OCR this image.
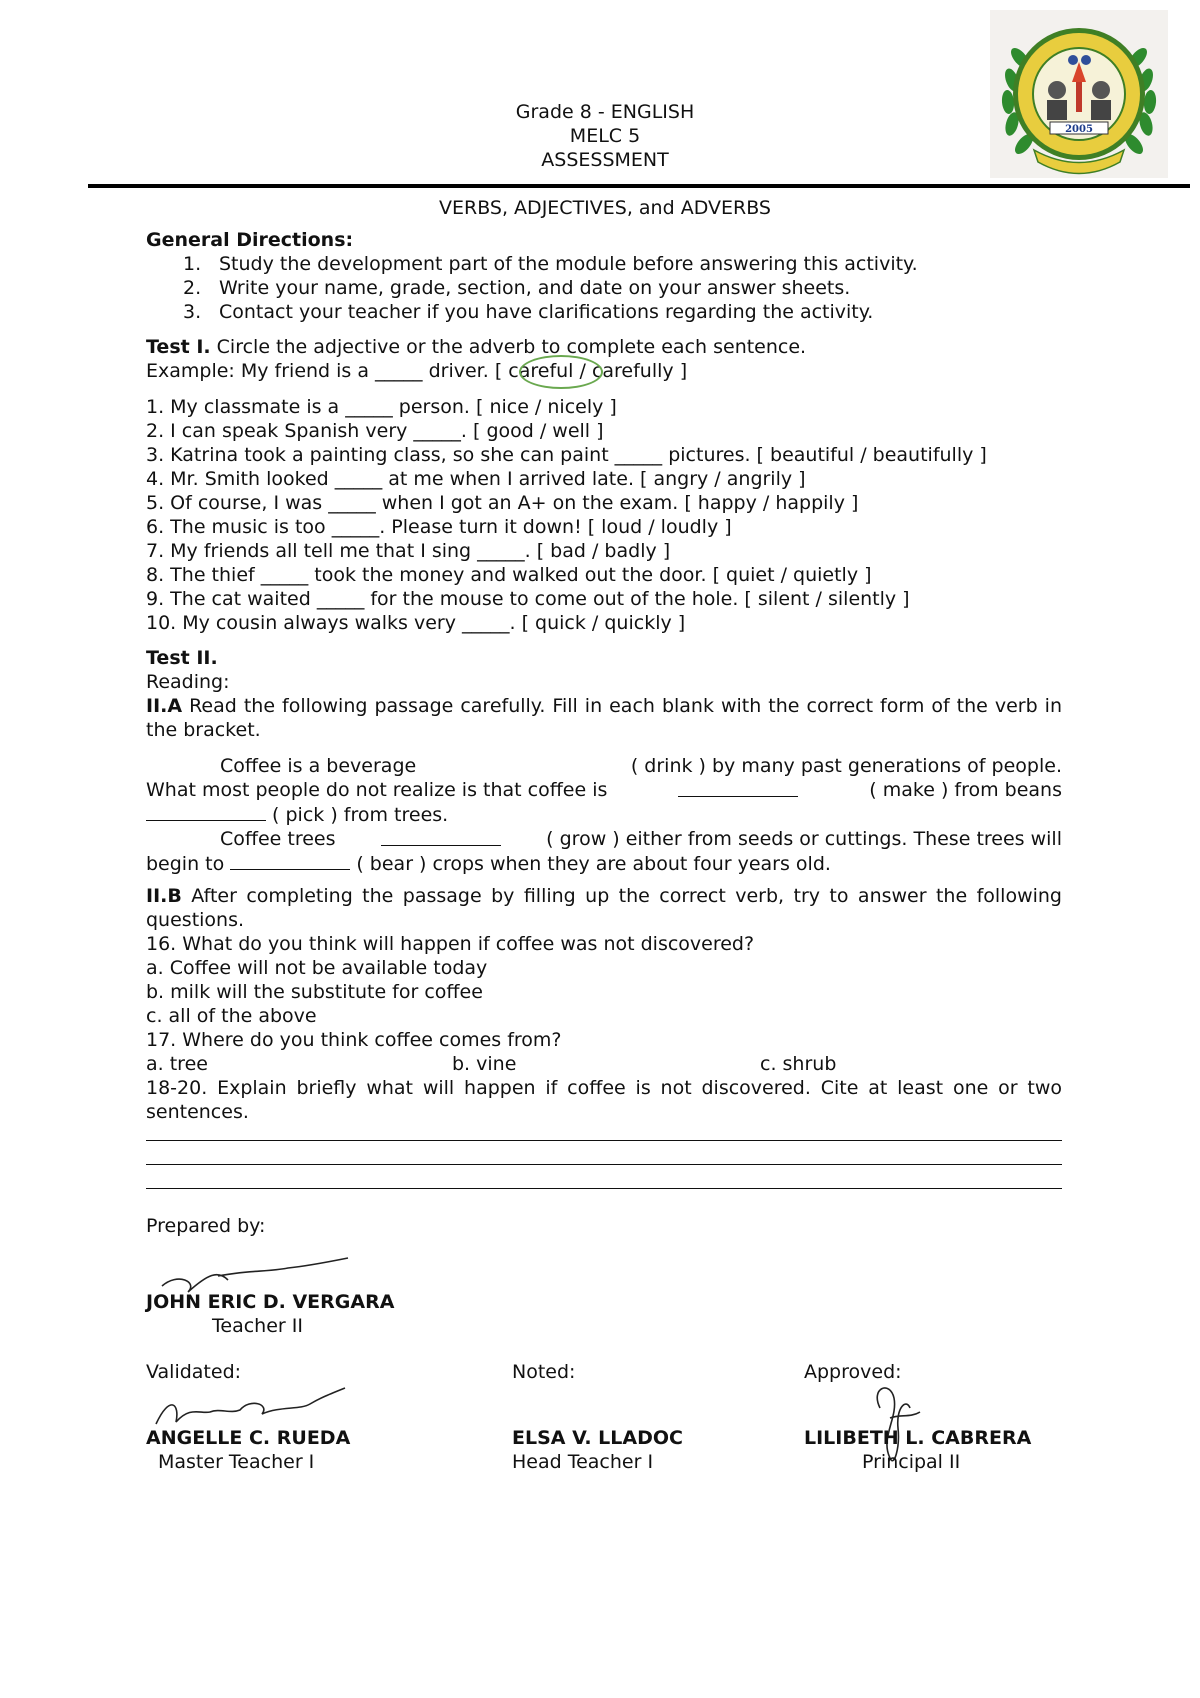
2005
Grade 8 - ENGLISH
MELC 5
ASSESSMENT
VERBS, ADJECTIVES, and ADVERBS
General Directions:
1. Study the development part of the module before answering this activity.
2. Write your name, grade, section, and date on your answer sheets.
3. Contact your teacher if you have clarifications regarding the activity.
Test I. Circle the adjective or the adverb to complete each sentence.
Example: My friend is a _____ driver. [ careful / carefully ]
1. My classmate is a _____ person. [ nice / nicely ]
2. I can speak Spanish very _____. [ good / well ]
3. Katrina took a painting class, so she can paint _____ pictures. [ beautiful / beautifully ]
4. Mr. Smith looked _____ at me when I arrived late. [ angry / angrily ]
5. Of course, I was _____ when I got an A+ on the exam. [ happy / happily ]
6. The music is too _____. Please turn it down! [ loud / loudly ]
7. My friends all tell me that I sing _____. [ bad / badly ]
8. The thief _____ took the money and walked out the door. [ quiet / quietly ]
9. The cat waited _____ for the mouse to come out of the hole. [ silent / silently ]
10. My cousin always walks very _____. [ quick / quickly ]
Test II.
Reading:
II.A Read the following passage carefully. Fill in each blank with the correct form of the verb in the bracket.
Coffee is a beverage	( drink ) by many past generations of people.
What most people do not realize is that coffee is	( make ) from beans
( pick ) from trees.
Coffee trees	( grow ) either from seeds or cuttings. These trees will
begin to	( bear ) crops when they are about four years old.
II.B After completing the passage by filling up the correct verb, try to answer the following questions.
16. What do you think will happen if coffee was not discovered?
a. Coffee will not be available today
b. milk will the substitute for coffee
c. all of the above
17. Where do you think coffee comes from?
a. tree	b. vine	c. shrub
18-20. Explain briefly what will happen if coffee is not discovered. Cite at least one or two sentences.
Prepared by:
JOHN ERIC D. VERGARA
Teacher II
Validated:
ANGELLE C. RUEDA
Master Teacher I
Noted:
ELSA V. LLADOC
Head Teacher I
Approved:
LILIBETH L. CABRERA
Principal II
